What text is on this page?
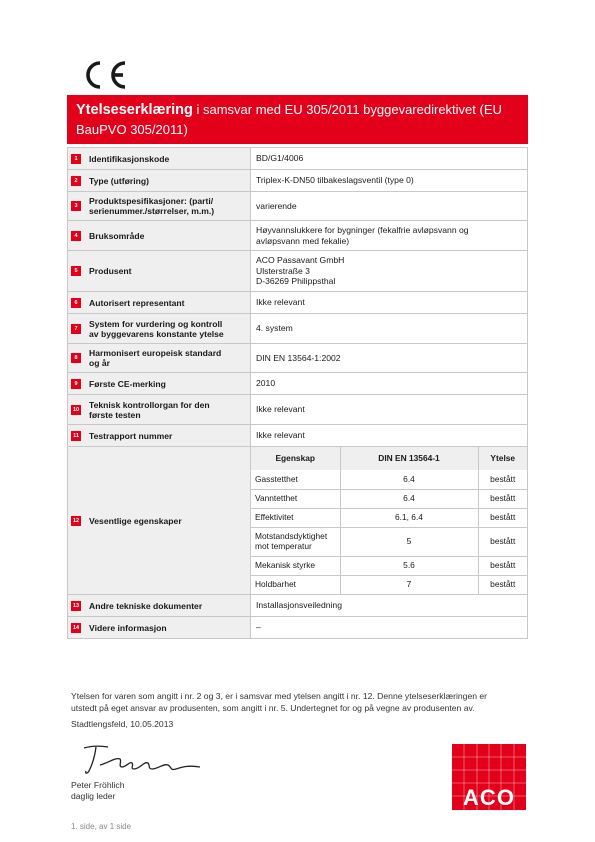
Ytelseserklæring i samsvar med EU 305/2011 byggevaredirektivet (EU
BauPVO 305/2011)
1	Identifikasjonskode	BD/G1/4006

2	Type (utføring)	Triplex-K-DN50 tilbakeslagsventil (type 0)

3	Produktspesifikasjoner: (parti/
serienummer./størrelser, m.m.)
	varierende

4	Bruksområde
	Høyvannslukkere for bygninger (fekalfrie avløpsvann og
avløpsvann med fekalie)

5	Produsent
	ACO Passavant GmbH
Ulsterstraße 3
D-36269 Philippsthal

6	Autorisert representant	Ikke relevant

7	System for vurdering og kontroll
av byggevarens konstante ytelse
	4. system

8	Harmonisert europeisk standard
og år
	DIN EN 13564-1:2002

9	Første CE-merking	2010

10 Teknisk kontrollorgan for den
første testen
	Ikke relevant

11 Testrapport nummer	Ikke relevant

12 Vesentlige egenskaper

Egenskap	DIN EN 13564-1	Ytelse
Gasstetthet	6.4	bestått
Vanntetthet	6.4	bestått
Effektivitet	6.1, 6.4	bestått
Motstandsdyktighet
mot temperatur	5	bestått
Mekanisk styrke	5.6	bestått
Holdbarhet	7	bestått

13 Andre tekniske dokumenter	Installasjonsveiledning

14 Videre informasjon	–
Ytelsen for varen som angitt i nr. 2 og 3, er i samsvar med ytelsen angitt i nr. 12. Denne ytelseserklæringen er
utstedt på eget ansvar av produsenten, som angitt i nr. 5. Undertegnet for og på vegne av produsenten av.
Stadtlengsfeld, 10.05.2013
Peter Fröhlich
daglig leder	ACO
1. side, av 1 side
